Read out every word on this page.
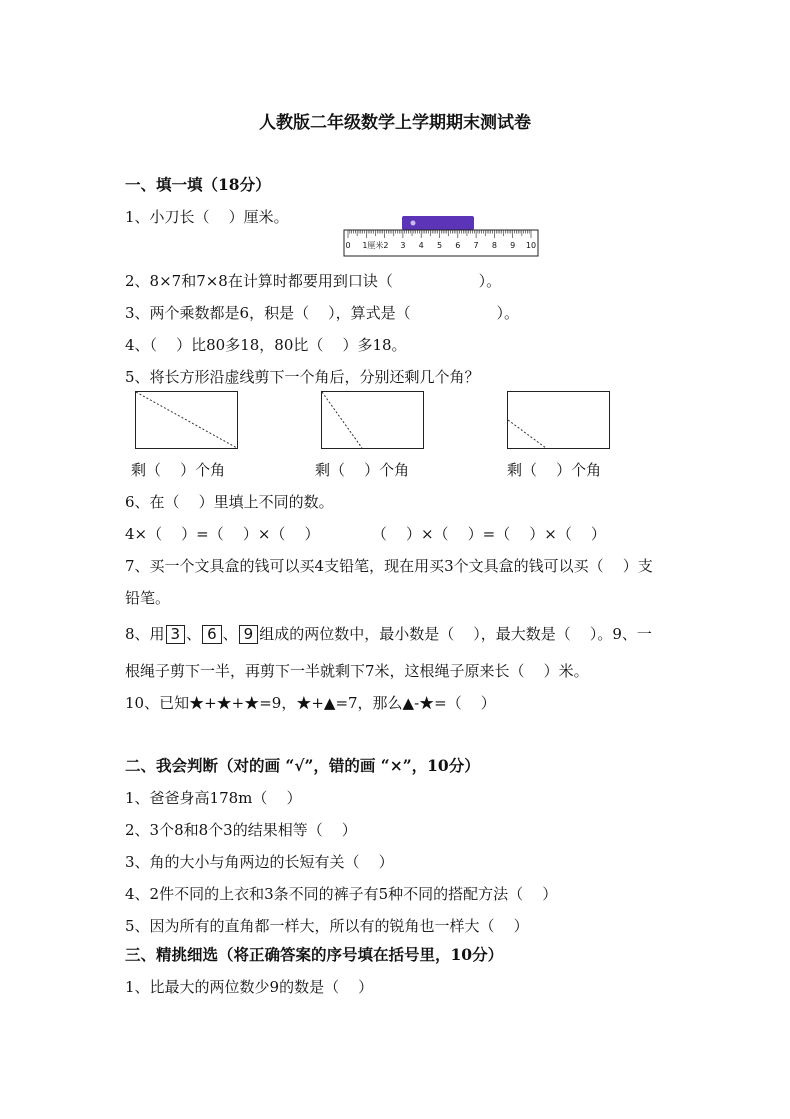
人教版二年级数学上学期期末测试卷
一、填一填（18分）
1、小刀长（    ）厘米。
0 1厘米2 3 4 5 6 7 8 9 10
2、8×7和7×8在计算时都要用到口诀（                  ）。
3、两个乘数都是6，积是（    ），算式是（                  ）。
4、（    ）比80多18，80比（    ）多18。
5、将长方形沿虚线剪下一个角后，分别还剩几个角？
剩（    ）个角	剩（    ）个角	剩（    ）个角
6、在（    ）里填上不同的数。
4×（    ）=（    ）×（    ）           （    ）×（    ）=（    ）×（    ）
7、买一个文具盒的钱可以买4支铅笔，现在用买3个文具盒的钱可以买（    ）支
铅笔。
8、用 3 、 6 、 9 组成的两位数中，最小数是（    ），最大数是（    ）。9、一
根绳子剪下一半，再剪下一半就剩下7米，这根绳子原来长（    ）米。
10、已知★+★+★=9，★+▲=7，那么▲-★=（    ）
二、我会判断（对的画 “√”，错的画 “×”，10分）
1、爸爸身高178m（    ）
2、3个8和8个3的结果相等（    ）
3、角的大小与角两边的长短有关（    ）
4、2件不同的上衣和3条不同的裤子有5种不同的搭配方法（    ）
5、因为所有的直角都一样大，所以有的锐角也一样大（    ）
三、精挑细选（将正确答案的序号填在括号里，10分）
1、比最大的两位数少9的数是（    ）
